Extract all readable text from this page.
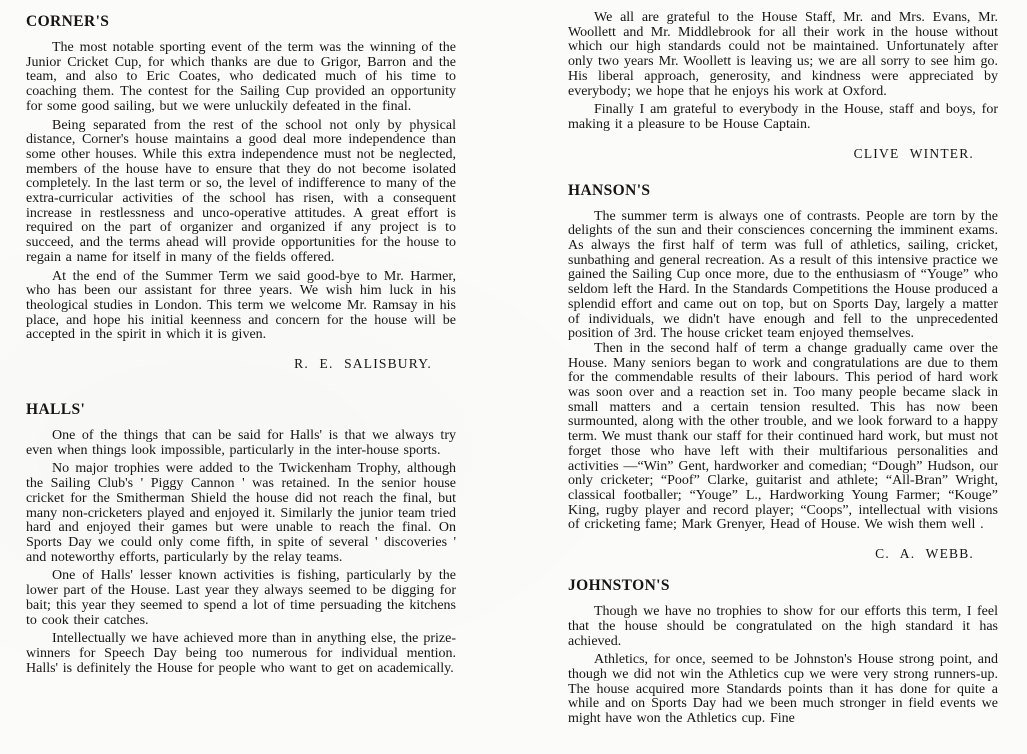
CORNER'S

The most notable sporting event of the term was the winning of the Junior Cricket Cup, for which thanks are due to Grigor, Barron and the team, and also to Eric Coates, who dedicated much of his time to coaching them. The contest for the Sailing Cup provided an opportunity for some good sailing, but we were unluckily defeated in the final.

Being separated from the rest of the school not only by physical distance, Corner's house maintains a good deal more independence than some other houses. While this extra independence must not be neglected, members of the house have to ensure that they do not become isolated completely. In the last term or so, the level of indifference to many of the extra-curricular activities of the school has risen, with a consequent increase in restlessness and unco-operative attitudes. A great effort is required on the part of organizer and organized if any project is to succeed, and the terms ahead will provide opportunities for the house to regain a name for itself in many of the fields offered.

At the end of the Summer Term we said good-bye to Mr. Harmer, who has been our assistant for three years. We wish him luck in his theological studies in London. This term we welcome Mr. Ramsay in his place, and hope his initial keenness and concern for the house will be accepted in the spirit in which it is given.

R. E. SALISBURY.
HALLS'

One of the things that can be said for Halls' is that we always try even when things look impossible, particularly in the inter-house sports.

No major trophies were added to the Twickenham Trophy, although the Sailing Club's ' Piggy Cannon ' was retained. In the senior house cricket for the Smitherman Shield the house did not reach the final, but many non-cricketers played and enjoyed it. Similarly the junior team tried hard and enjoyed their games but were unable to reach the final. On Sports Day we could only come fifth, in spite of several ' discoveries ' and noteworthy efforts, particularly by the relay teams.

One of Halls' lesser known activities is fishing, particularly by the lower part of the House. Last year they always seemed to be digging for bait; this year they seemed to spend a lot of time persuading the kitchens to cook their catches.

Intellectually we have achieved more than in anything else, the prize-winners for Speech Day being too numerous for individual mention. Halls' is definitely the House for people who want to get on academically.

We all are grateful to the House Staff, Mr. and Mrs. Evans, Mr. Woollett and Mr. Middlebrook for all their work in the house without which our high standards could not be maintained. Unfortunately after only two years Mr. Woollett is leaving us; we are all sorry to see him go. His liberal approach, generosity, and kindness were appreciated by everybody; we hope that he enjoys his work at Oxford.

Finally I am grateful to everybody in the House, staff and boys, for making it a pleasure to be House Captain.

CLIVE WINTER.
HANSON'S

The summer term is always one of contrasts. People are torn by the delights of the sun and their consciences concerning the imminent exams. As always the first half of term was full of athletics, sailing, cricket, sunbathing and general recreation. As a result of this intensive practice we gained the Sailing Cup once more, due to the enthusiasm of “Youge” who seldom left the Hard. In the Standards Competitions the House produced a splendid effort and came out on top, but on Sports Day, largely a matter of individuals, we didn't have enough and fell to the unprecedented position of 3rd. The house cricket team enjoyed themselves.

Then in the second half of term a change gradually came over the House. Many seniors began to work and congratulations are due to them for the commendable results of their labours. This period of hard work was soon over and a reaction set in. Too many people became slack in small matters and a certain tension resulted. This has now been surmounted, along with the other trouble, and we look forward to a happy term. We must thank our staff for their continued hard work, but must not forget those who have left with their multifarious personalities and activities —“Win” Gent, hardworker and comedian; “Dough” Hudson, our only cricketer; “Poof” Clarke, guitarist and athlete; “All-Bran” Wright, classical footballer; “Youge” L., Hardworking Young Farmer; “Kouge” King, rugby player and record player; “Coops”, intellectual with visions of cricketing fame; Mark Grenyer, Head of House. We wish them well .

C. A. WEBB.
JOHNSTON'S

Though we have no trophies to show for our efforts this term, I feel that the house should be congratulated on the high standard it has achieved.

Athletics, for once, seemed to be Johnston's House strong point, and though we did not win the Athletics cup we were very strong runners-up. The house acquired more Standards points than it has done for quite a while and on Sports Day had we been much stronger in field events we might have won the Athletics cup. Fine
